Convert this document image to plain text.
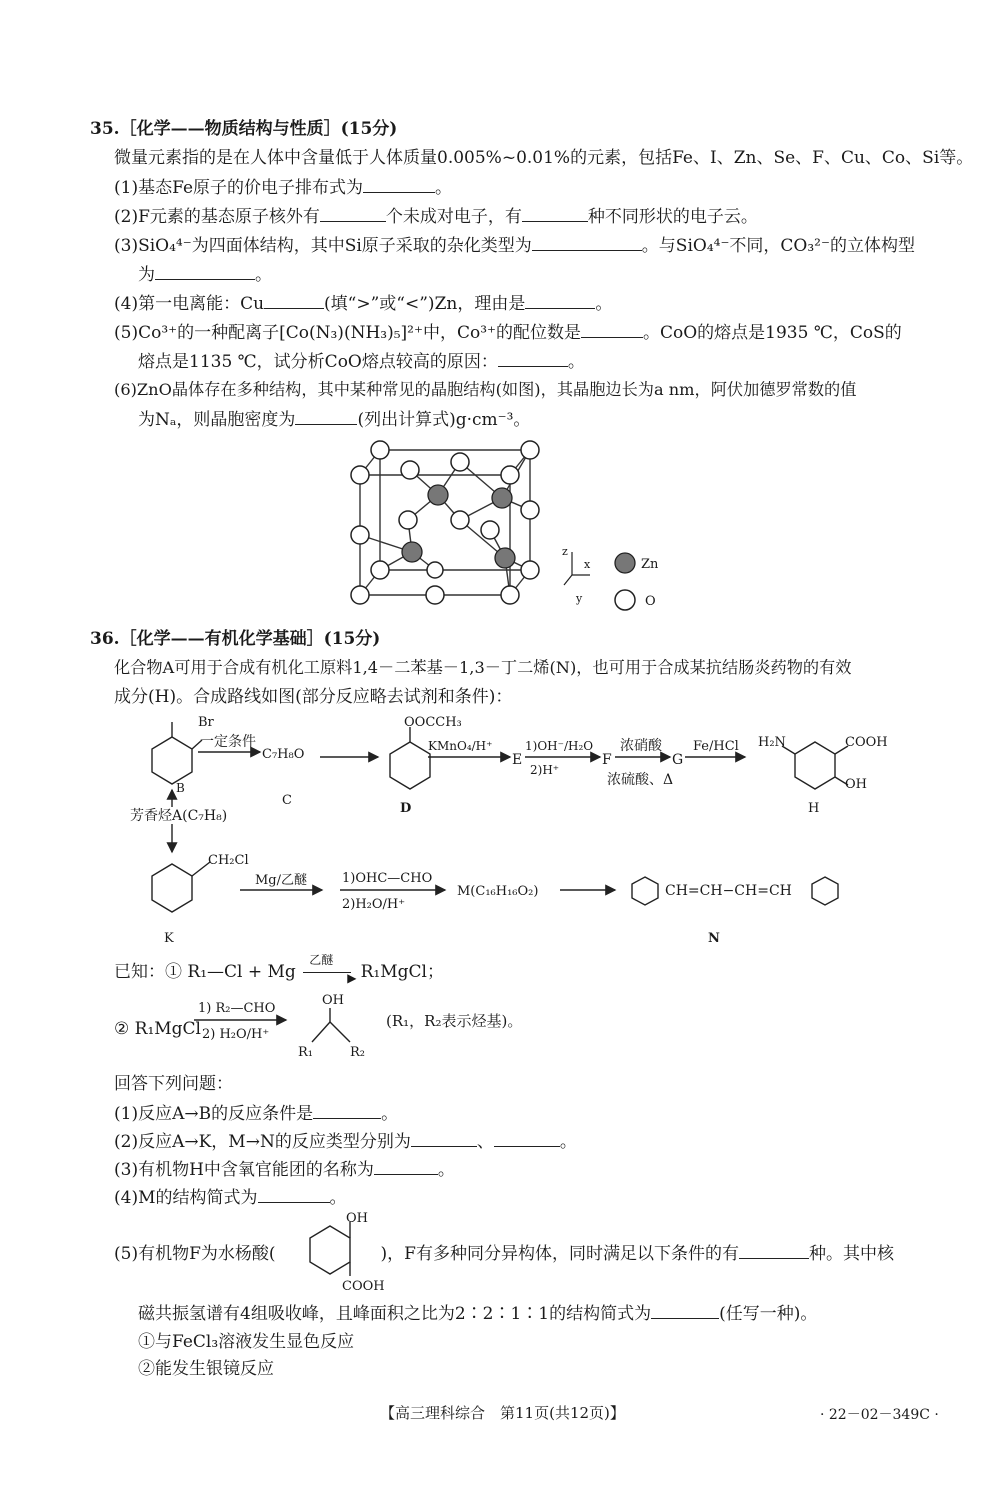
35.［化学——物质结构与性质］(15分)
微量元素指的是在人体中含量低于人体质量0.005%~0.01%的元素，包括Fe、I、Zn、Se、F、Cu、Co、Si等。
(1)基态Fe原子的价电子排布式为	。
(2)F元素的基态原子核外有	个未成对电子，有	种不同形状的电子云。
(3)SiO₄⁴⁻为四面体结构，其中Si原子采取的杂化类型为	。与SiO₄⁴⁻不同，CO₃²⁻的立体构型
为	。
(4)第一电离能：Cu	(填“>”或“<”)Zn，理由是	。
(5)Co³⁺的一种配离子[Co(N₃)(NH₃)₅]²⁺中，Co³⁺的配位数是	。CoO的熔点是1935 ℃，CoS的
熔点是1135 ℃，试分析CoO熔点较高的原因：	。
(6)ZnO晶体存在多种结构，其中某种常见的晶胞结构(如图)，其晶胞边长为a nm，阿伏加德罗常数的值
为Nₐ，则晶胞密度为	(列出计算式)g·cm⁻³。
z
x
y
Zn
O
36.［化学——有机化学基础］(15分)
化合物A可用于合成有机化工原料1,4－二苯基－1,3－丁二烯(N)，也可用于合成某抗结肠炎药物的有效
成分(H)。合成路线如图(部分反应略去试剂和条件)：
Br
一定条件
C₇H₈O
OOCCH₃
KMnO₄/H⁺
E
1)OH⁻/H₂O
2)H⁺
F
浓硝酸
浓硫酸、Δ
G
Fe/HCl H₂N	COOH
OH
H
B
C
D
芳香烃A(C₇H₈)
CH₂Cl
Mg/乙醚	1)OHC—CHO
2)H₂O/H⁺
M(C₁₆H₁₆O₂)	CH=CH−CH=CH
K	N
已知：① R₁—Cl + Mg
乙醚
▶ R₁MgCl；
② R₁MgCl
1) R₂—CHO
2) H₂O/H⁺
OH
R₁	R₂
(R₁，R₂表示烃基)。
回答下列问题：
(1)反应A→B的反应条件是	。
(2)反应A→K，M→N的反应类型分别为	、	。
(3)有机物H中含氧官能团的名称为	。
(4)M的结构简式为	。
(5)有机物F为水杨酸(	)，F有多种同分异构体，同时满足以下条件的有	种。其中核
OH
COOH
磁共振氢谱有4组吸收峰，且峰面积之比为2∶2∶1∶1的结构简式为	(任写一种)。
①与FeCl₃溶液发生显色反应
②能发生银镜反应
【高三理科综合　第11页(共12页)】	· 22－02－349C ·
